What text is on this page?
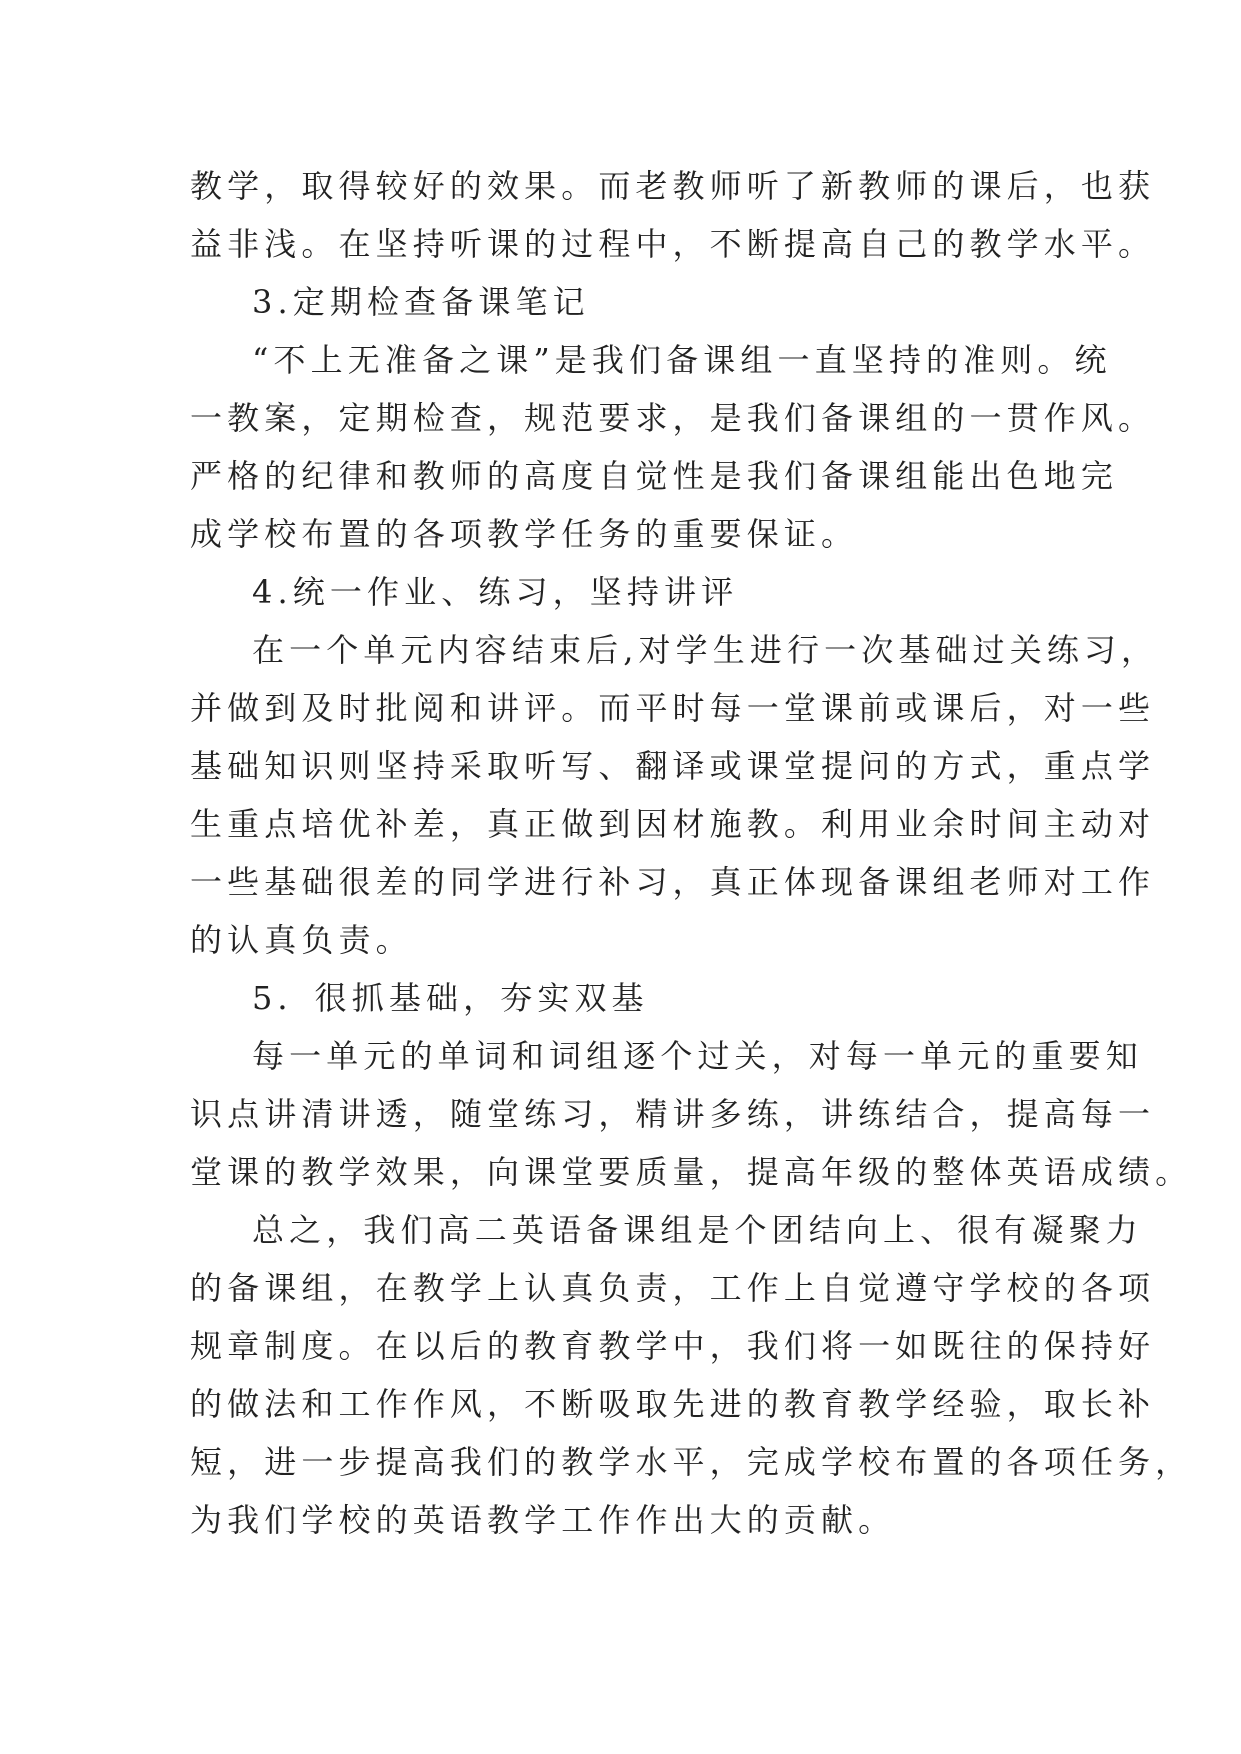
教学，取得较好的效果。而老教师听了新教师的课后，也获
益非浅。在坚持听课的过程中，不断提高自己的教学水平。
3.定期检查备课笔记
“不上无准备之课”是我们备课组一直坚持的准则。统
一教案，定期检查，规范要求，是我们备课组的一贯作风。
严格的纪律和教师的高度自觉性是我们备课组能出色地完
成学校布置的各项教学任务的重要保证。
4.统一作业、练习，坚持讲评
在一个单元内容结束后,对学生进行一次基础过关练习，
并做到及时批阅和讲评。而平时每一堂课前或课后，对一些
基础知识则坚持采取听写、翻译或课堂提问的方式，重点学
生重点培优补差，真正做到因材施教。利用业余时间主动对
一些基础很差的同学进行补习，真正体现备课组老师对工作
的认真负责。
5．很抓基础，夯实双基
每一单元的单词和词组逐个过关，对每一单元的重要知
识点讲清讲透，随堂练习，精讲多练，讲练结合，提高每一
堂课的教学效果，向课堂要质量，提高年级的整体英语成绩。
总之，我们高二英语备课组是个团结向上、很有凝聚力
的备课组，在教学上认真负责，工作上自觉遵守学校的各项
规章制度。在以后的教育教学中，我们将一如既往的保持好
的做法和工作作风，不断吸取先进的教育教学经验，取长补
短，进一步提高我们的教学水平，完成学校布置的各项任务，
为我们学校的英语教学工作作出大的贡献。
